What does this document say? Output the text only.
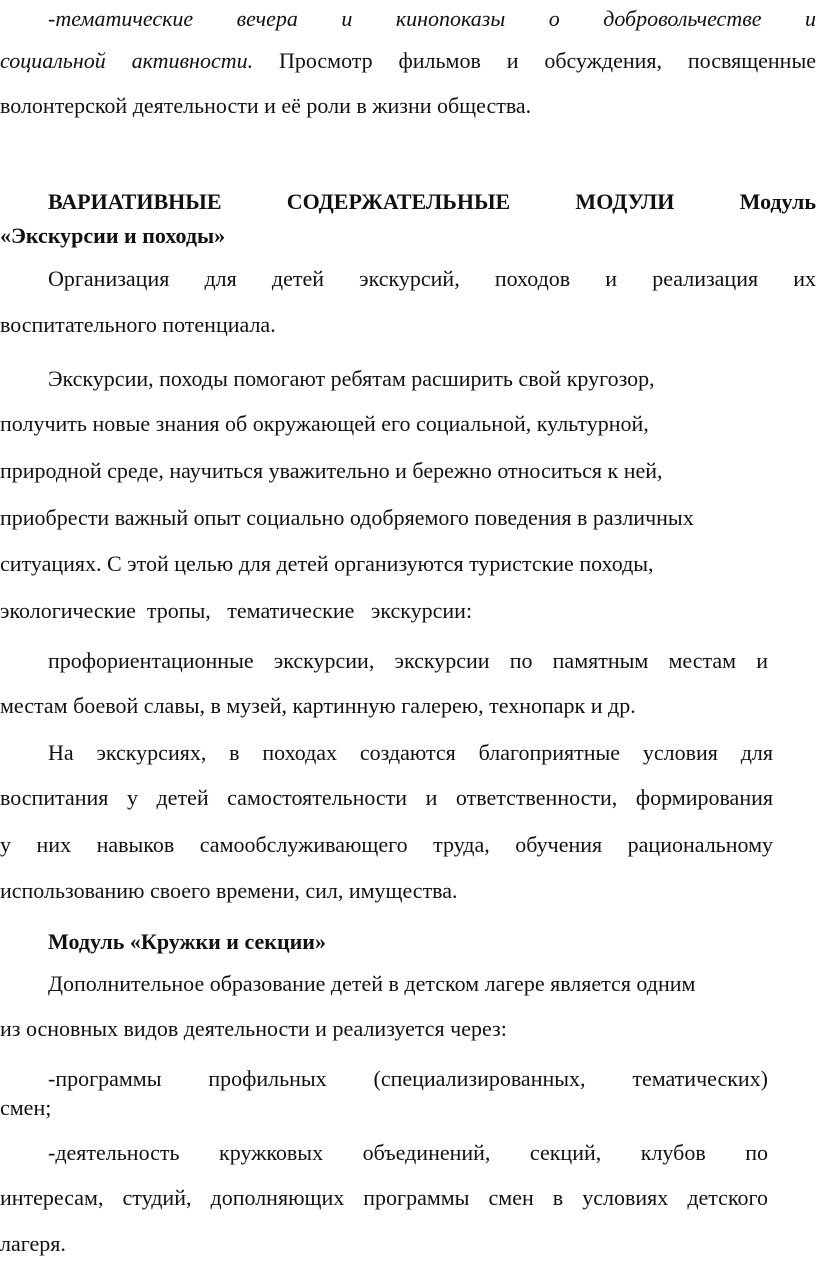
-тематические вечера и кинопоказы о добровольчестве и
социальной активности. Просмотр фильмов и обсуждения, посвященные
волонтерской деятельности и её роли в жизни общества.
ВАРИАТИВНЫЕ СОДЕРЖАТЕЛЬНЫЕ МОДУЛИ Модуль
«Экскурсии и походы»
Организация для детей экскурсий, походов и реализация их
воспитательного потенциала.
Экскурсии, походы помогают ребятам расширить свой кругозор,
получить новые знания об окружающей его социальной, культурной,
природной среде, научиться уважительно и бережно относиться к ней,
приобрести важный опыт социально одобряемого поведения в различных
ситуациях. С этой целью для детей организуются туристские походы,
экологические  тропы,   тематические   экскурсии:
профориентационные экскурсии, экскурсии по памятным местам и
местам боевой славы, в музей, картинную галерею, технопарк и др.
На экскурсиях, в походах создаются благоприятные условия для
воспитания у детей самостоятельности и ответственности, формирования
у них навыков самообслуживающего труда, обучения рациональному
использованию своего времени, сил, имущества.
Модуль «Кружки и секции»
Дополнительное образование детей в детском лагере является одним
из основных видов деятельности и реализуется через:
-программы профильных (специализированных, тематических)
смен;
-деятельность кружковых объединений, секций, клубов по
интересам, студий, дополняющих программы смен в условиях детского
лагеря.
